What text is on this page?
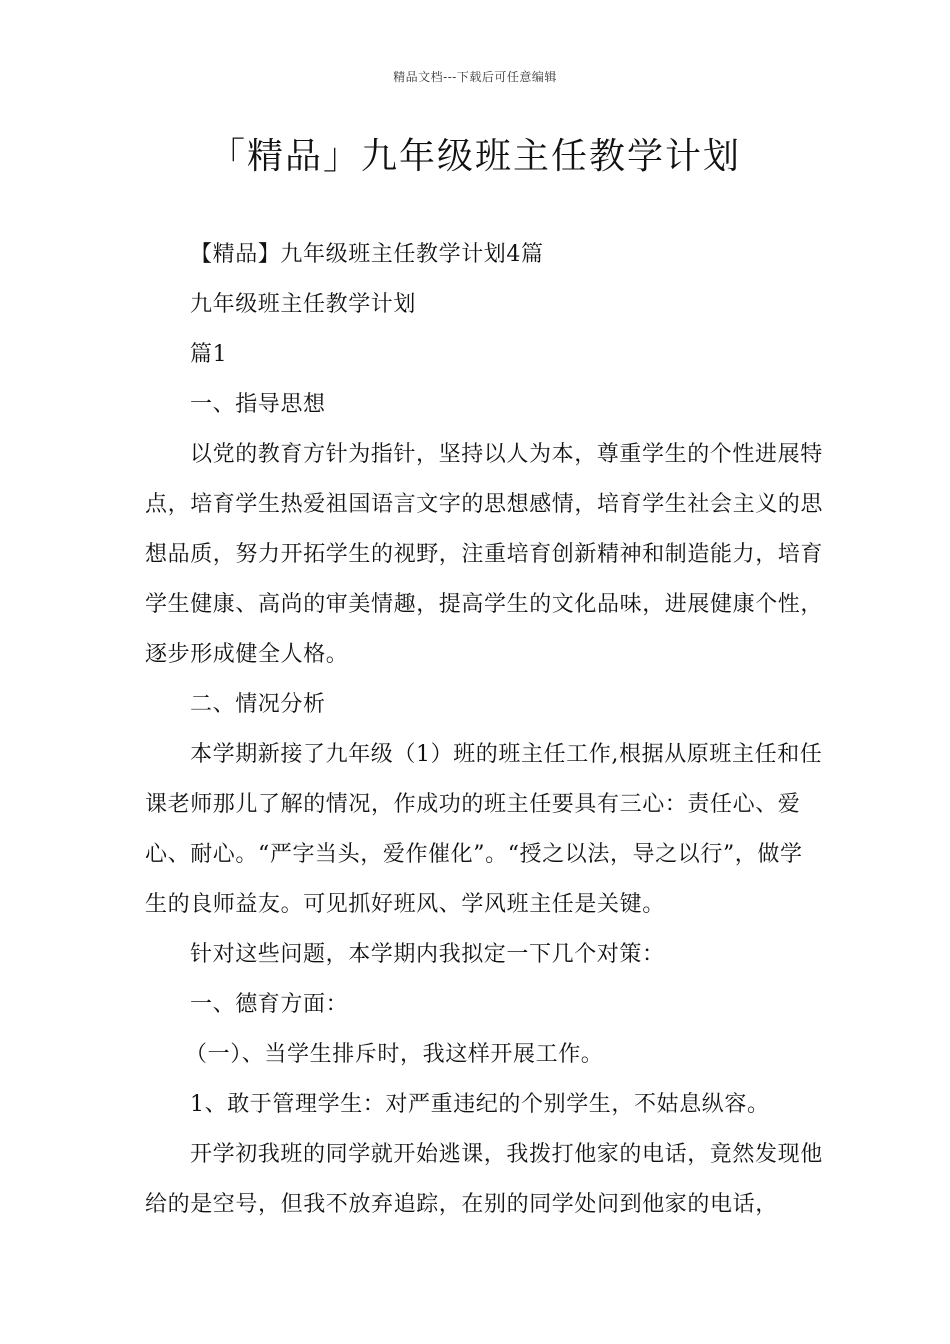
精品文档---下载后可任意编辑
「精品」九年级班主任教学计划

【精品】九年级班主任教学计划4篇

九年级班主任教学计划

篇1

一、指导思想

以党的教育方针为指针，坚持以人为本，尊重学生的个性进展特点，培育学生热爱祖国语言文字的思想感情，培育学生社会主义的思想品质，努力开拓学生的视野，注重培育创新精神和制造能力，培育学生健康、高尚的审美情趣，提高学生的文化品味，进展健康个性，逐步形成健全人格。

二、情况分析

本学期新接了九年级（1）班的班主任工作,根据从原班主任和任课老师那儿了解的情况，作成功的班主任要具有三心：责任心、爱心、耐心。“严字当头，爱作催化”。“授之以法，导之以行”，做学生的良师益友。可见抓好班风、学风班主任是关键。

针对这些问题，本学期内我拟定一下几个对策：

一、德育方面：

（一）、当学生排斥时，我这样开展工作。

1、敢于管理学生：对严重违纪的个别学生，不姑息纵容。

开学初我班的同学就开始逃课，我拨打他家的电话，竟然发现他给的是空号，但我不放弃追踪，在别的同学处问到他家的电话，
